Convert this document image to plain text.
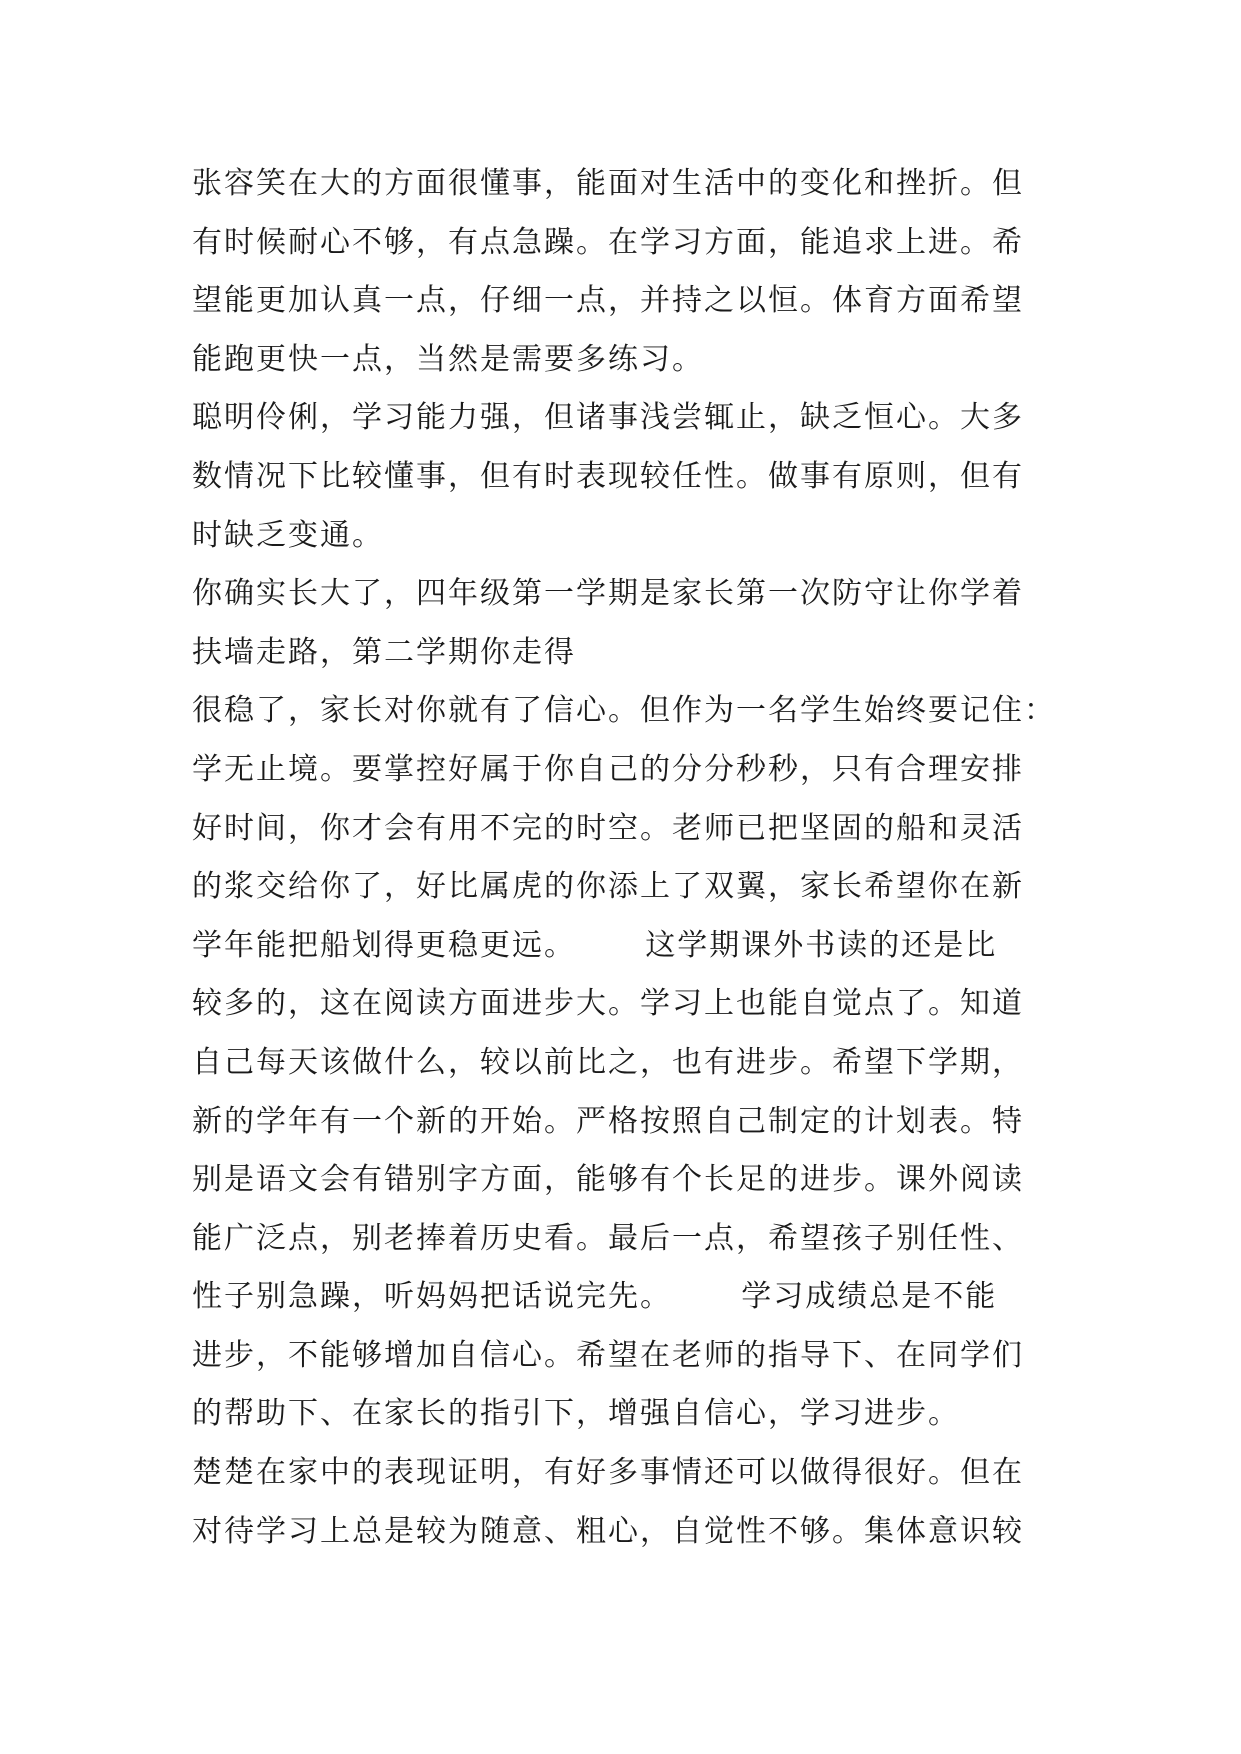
张容笑在大的方面很懂事，能面对生活中的变化和挫折。但
有时候耐心不够，有点急躁。在学习方面，能追求上进。希
望能更加认真一点，仔细一点，并持之以恒。体育方面希望
能跑更快一点，当然是需要多练习。
聪明伶俐，学习能力强，但诸事浅尝辄止，缺乏恒心。大多
数情况下比较懂事，但有时表现较任性。做事有原则，但有
时缺乏变通。
你确实长大了，四年级第一学期是家长第一次防守让你学着
扶墙走路，第二学期你走得
很稳了，家长对你就有了信心。但作为一名学生始终要记住：
学无止境。要掌控好属于你自己的分分秒秒，只有合理安排
好时间，你才会有用不完的时空。老师已把坚固的船和灵活
的浆交给你了，好比属虎的你添上了双翼，家长希望你在新
学年能把船划得更稳更远。      这学期课外书读的还是比
较多的，这在阅读方面进步大。学习上也能自觉点了。知道
自己每天该做什么，较以前比之，也有进步。希望下学期，
新的学年有一个新的开始。严格按照自己制定的计划表。特
别是语文会有错别字方面，能够有个长足的进步。课外阅读
能广泛点，别老捧着历史看。最后一点，希望孩子别任性、
性子别急躁，听妈妈把话说完先。      学习成绩总是不能
进步，不能够增加自信心。希望在老师的指导下、在同学们
的帮助下、在家长的指引下，增强自信心，学习进步。
楚楚在家中的表现证明，有好多事情还可以做得很好。但在
对待学习上总是较为随意、粗心，自觉性不够。集体意识较
